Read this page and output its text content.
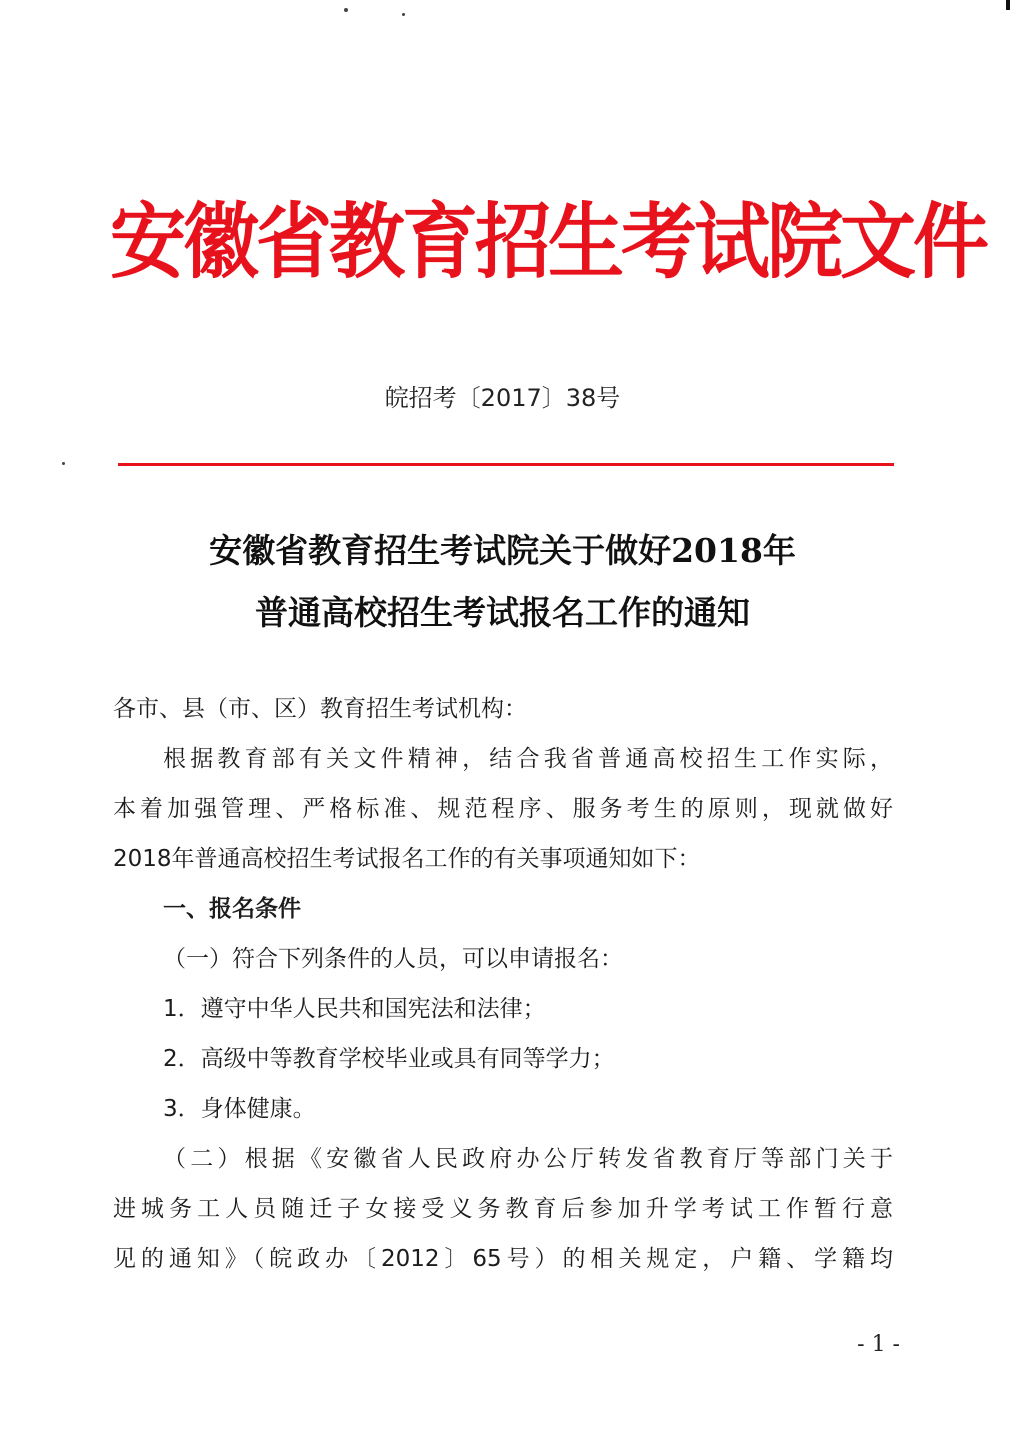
安徽省教育招生考试院文件
皖招考〔2017〕38号
安徽省教育招生考试院关于做好2018年
普通高校招生考试报名工作的通知
各市、县（市、区）教育招生考试机构：
根据教育部有关文件精神，结合我省普通高校招生工作实际，
本着加强管理、严格标准、规范程序、服务考生的原则，现就做好
2018年普通高校招生考试报名工作的有关事项通知如下：
一、报名条件
（一）符合下列条件的人员，可以申请报名：
1．遵守中华人民共和国宪法和法律；
2．高级中等教育学校毕业或具有同等学力；
3．身体健康。
（二）根据《安徽省人民政府办公厅转发省教育厅等部门关于
进城务工人员随迁子女接受义务教育后参加升学考试工作暂行意
见的通知》（皖政办〔2012〕65号）的相关规定，户籍、学籍均
- 1 -
